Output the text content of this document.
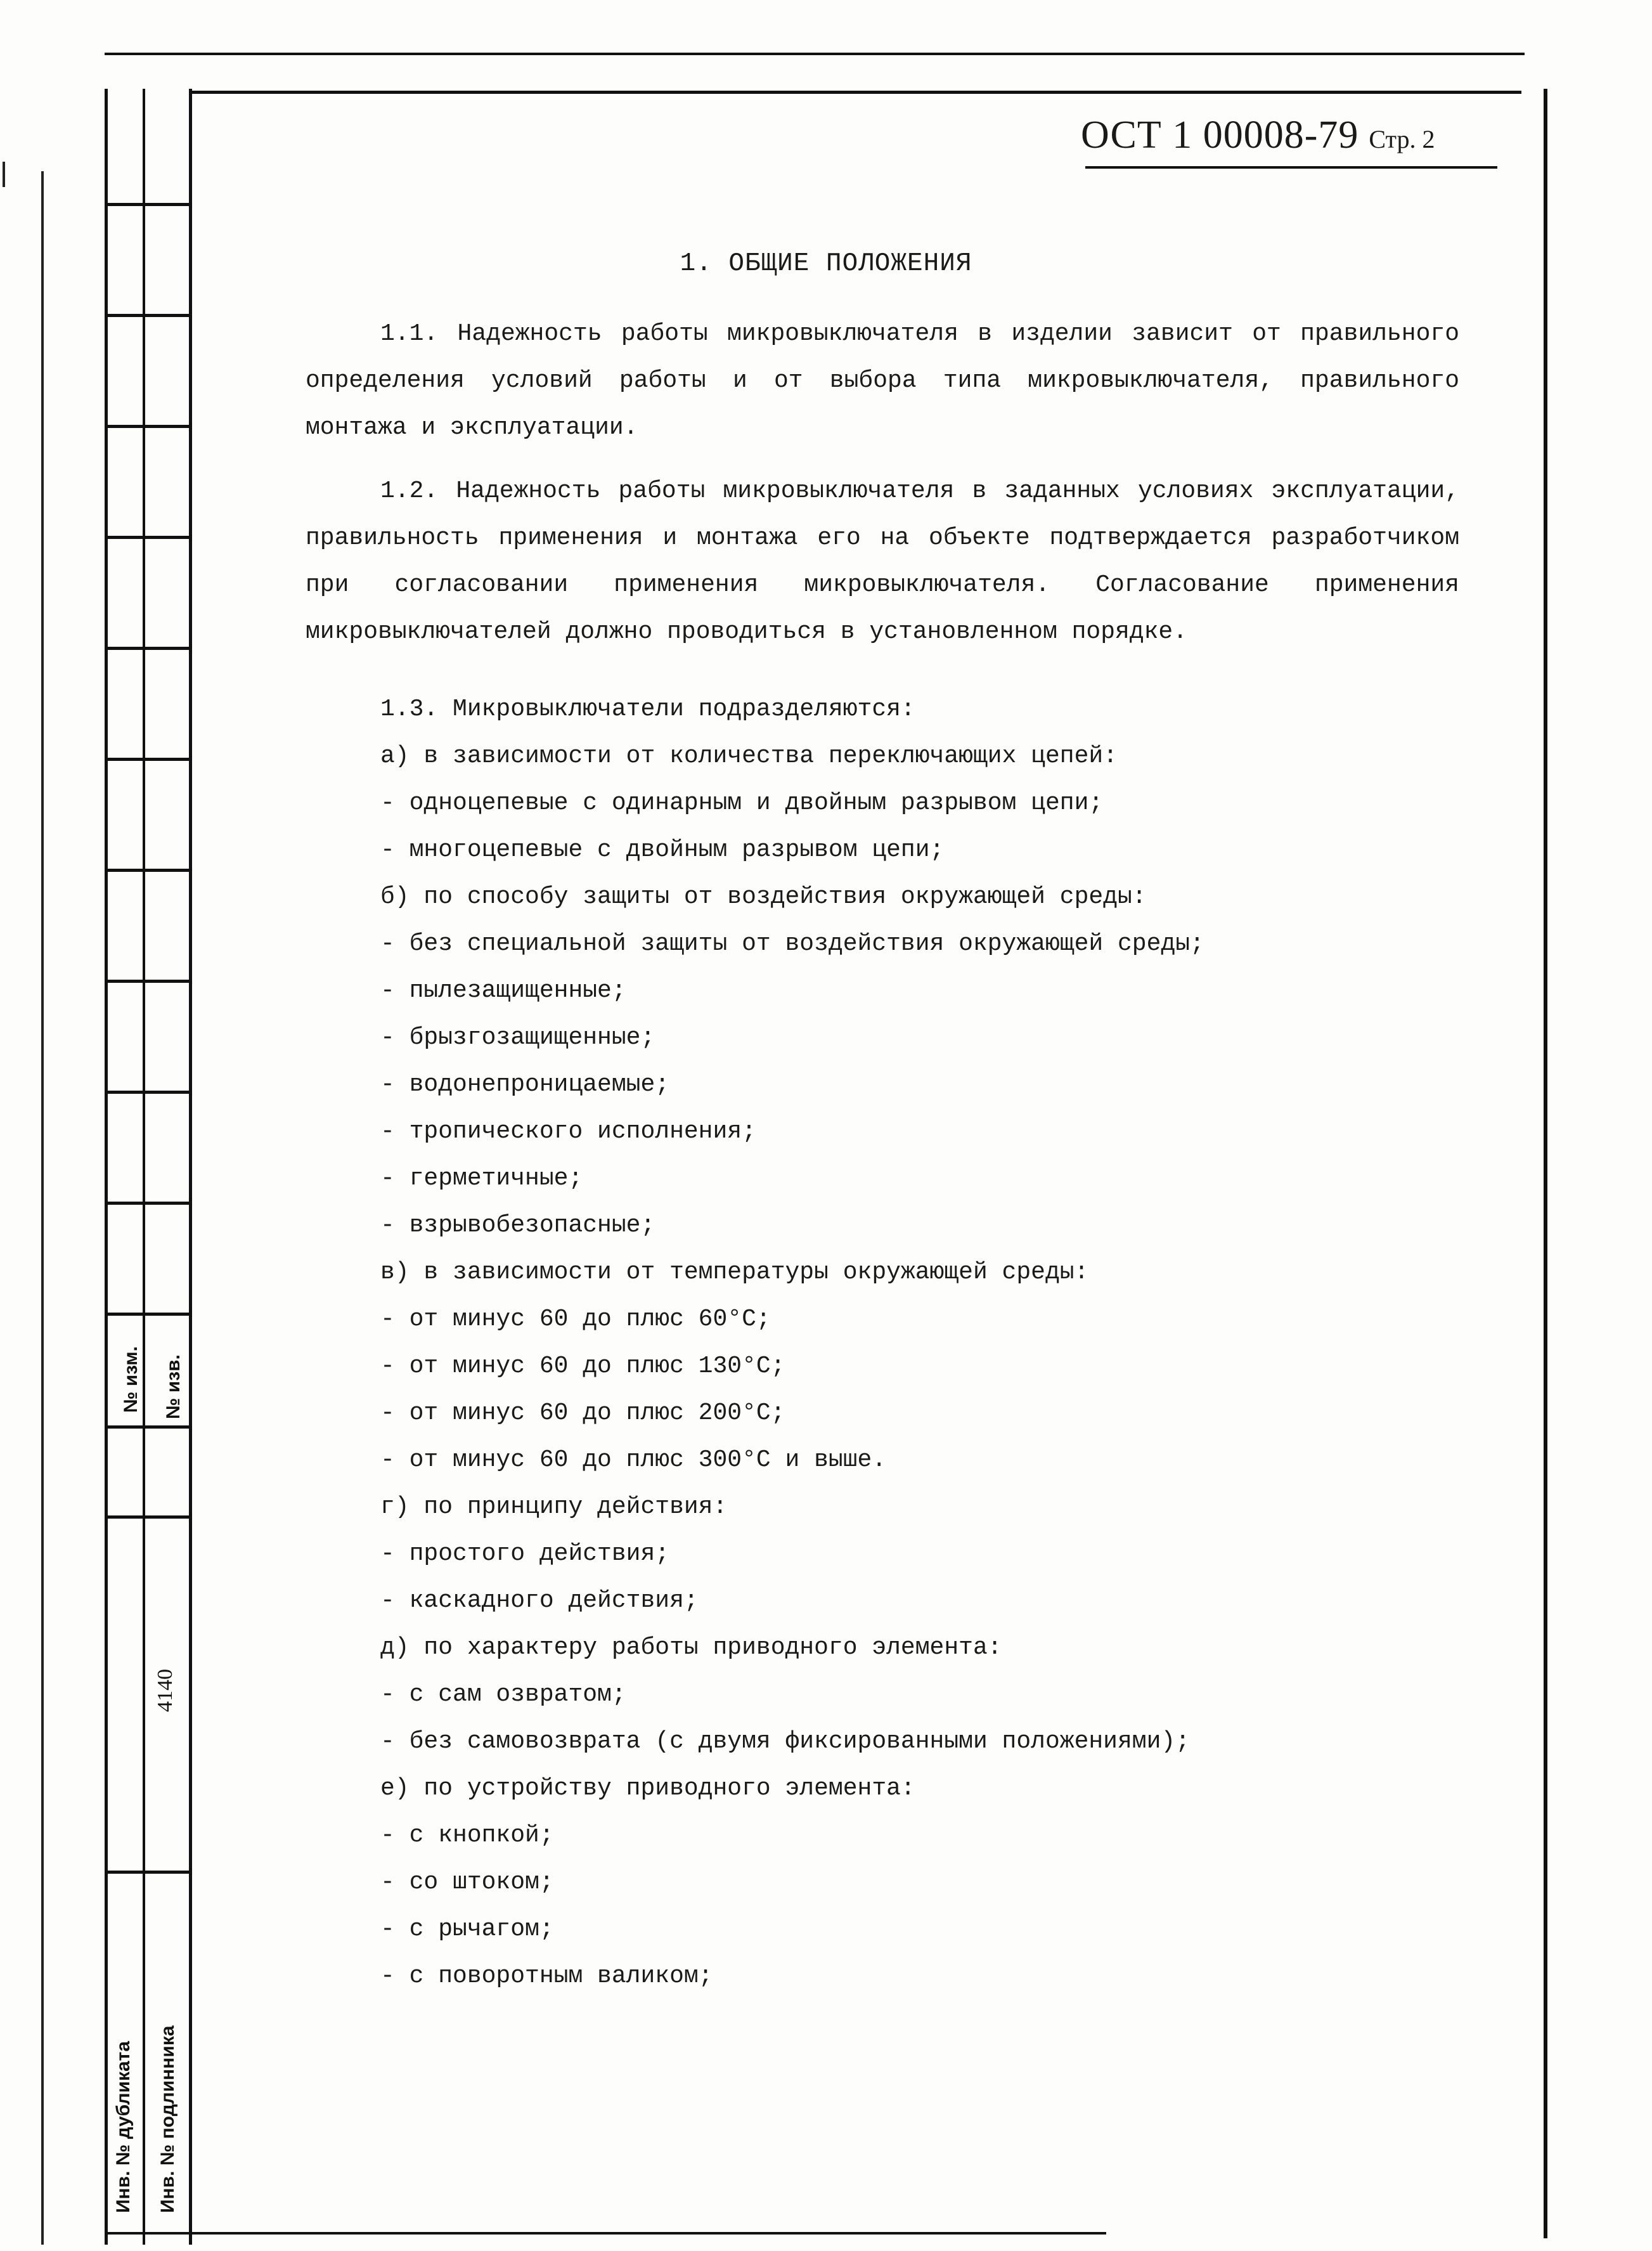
№ изм. № изв.
4140
Инв. № дубликата Инв. № подлинника
ОСТ 1 00008-79 Стр. 2
1. ОБЩИЕ ПОЛОЖЕНИЯ

1.1. Надежность работы микровыключателя в изделии зависит от правильного определения условий работы и от выбора типа микровыключателя, правильного монтажа и эксплуатации.

1.2. Надежность работы микровыключателя в заданных условиях эксплуатации, правильность применения и монтажа его на объекте подтверждается разработчиком при согласовании применения микровыключателя. Согласование применения микровыключателей должно проводиться в установленном порядке.

1.3. Микровыключатели подразделяются:

а) в зависимости от количества переключающих цепей:

- одноцепевые с одинарным и двойным разрывом цепи;

- многоцепевые с двойным разрывом цепи;

б) по способу защиты от воздействия окружающей среды:

- без специальной защиты от воздействия окружающей среды;

- пылезащищенные;

- брызгозащищенные;

- водонепроницаемые;

- тропического исполнения;

- герметичные;

- взрывобезопасные;

в) в зависимости от температуры окружающей среды:

- от минус 60 до плюс 60°С;

- от минус 60 до плюс 130°С;

- от минус 60 до плюс 200°С;

- от минус 60 до плюс 300°С и выше.

г) по принципу действия:

- простого действия;

- каскадного действия;

д) по характеру работы приводного элемента:

- с сам озвратом;

- без самовозврата (с двумя фиксированными положениями);

е) по устройству приводного элемента:

- с кнопкой;

- со штоком;

- с рычагом;

- с поворотным валиком;
